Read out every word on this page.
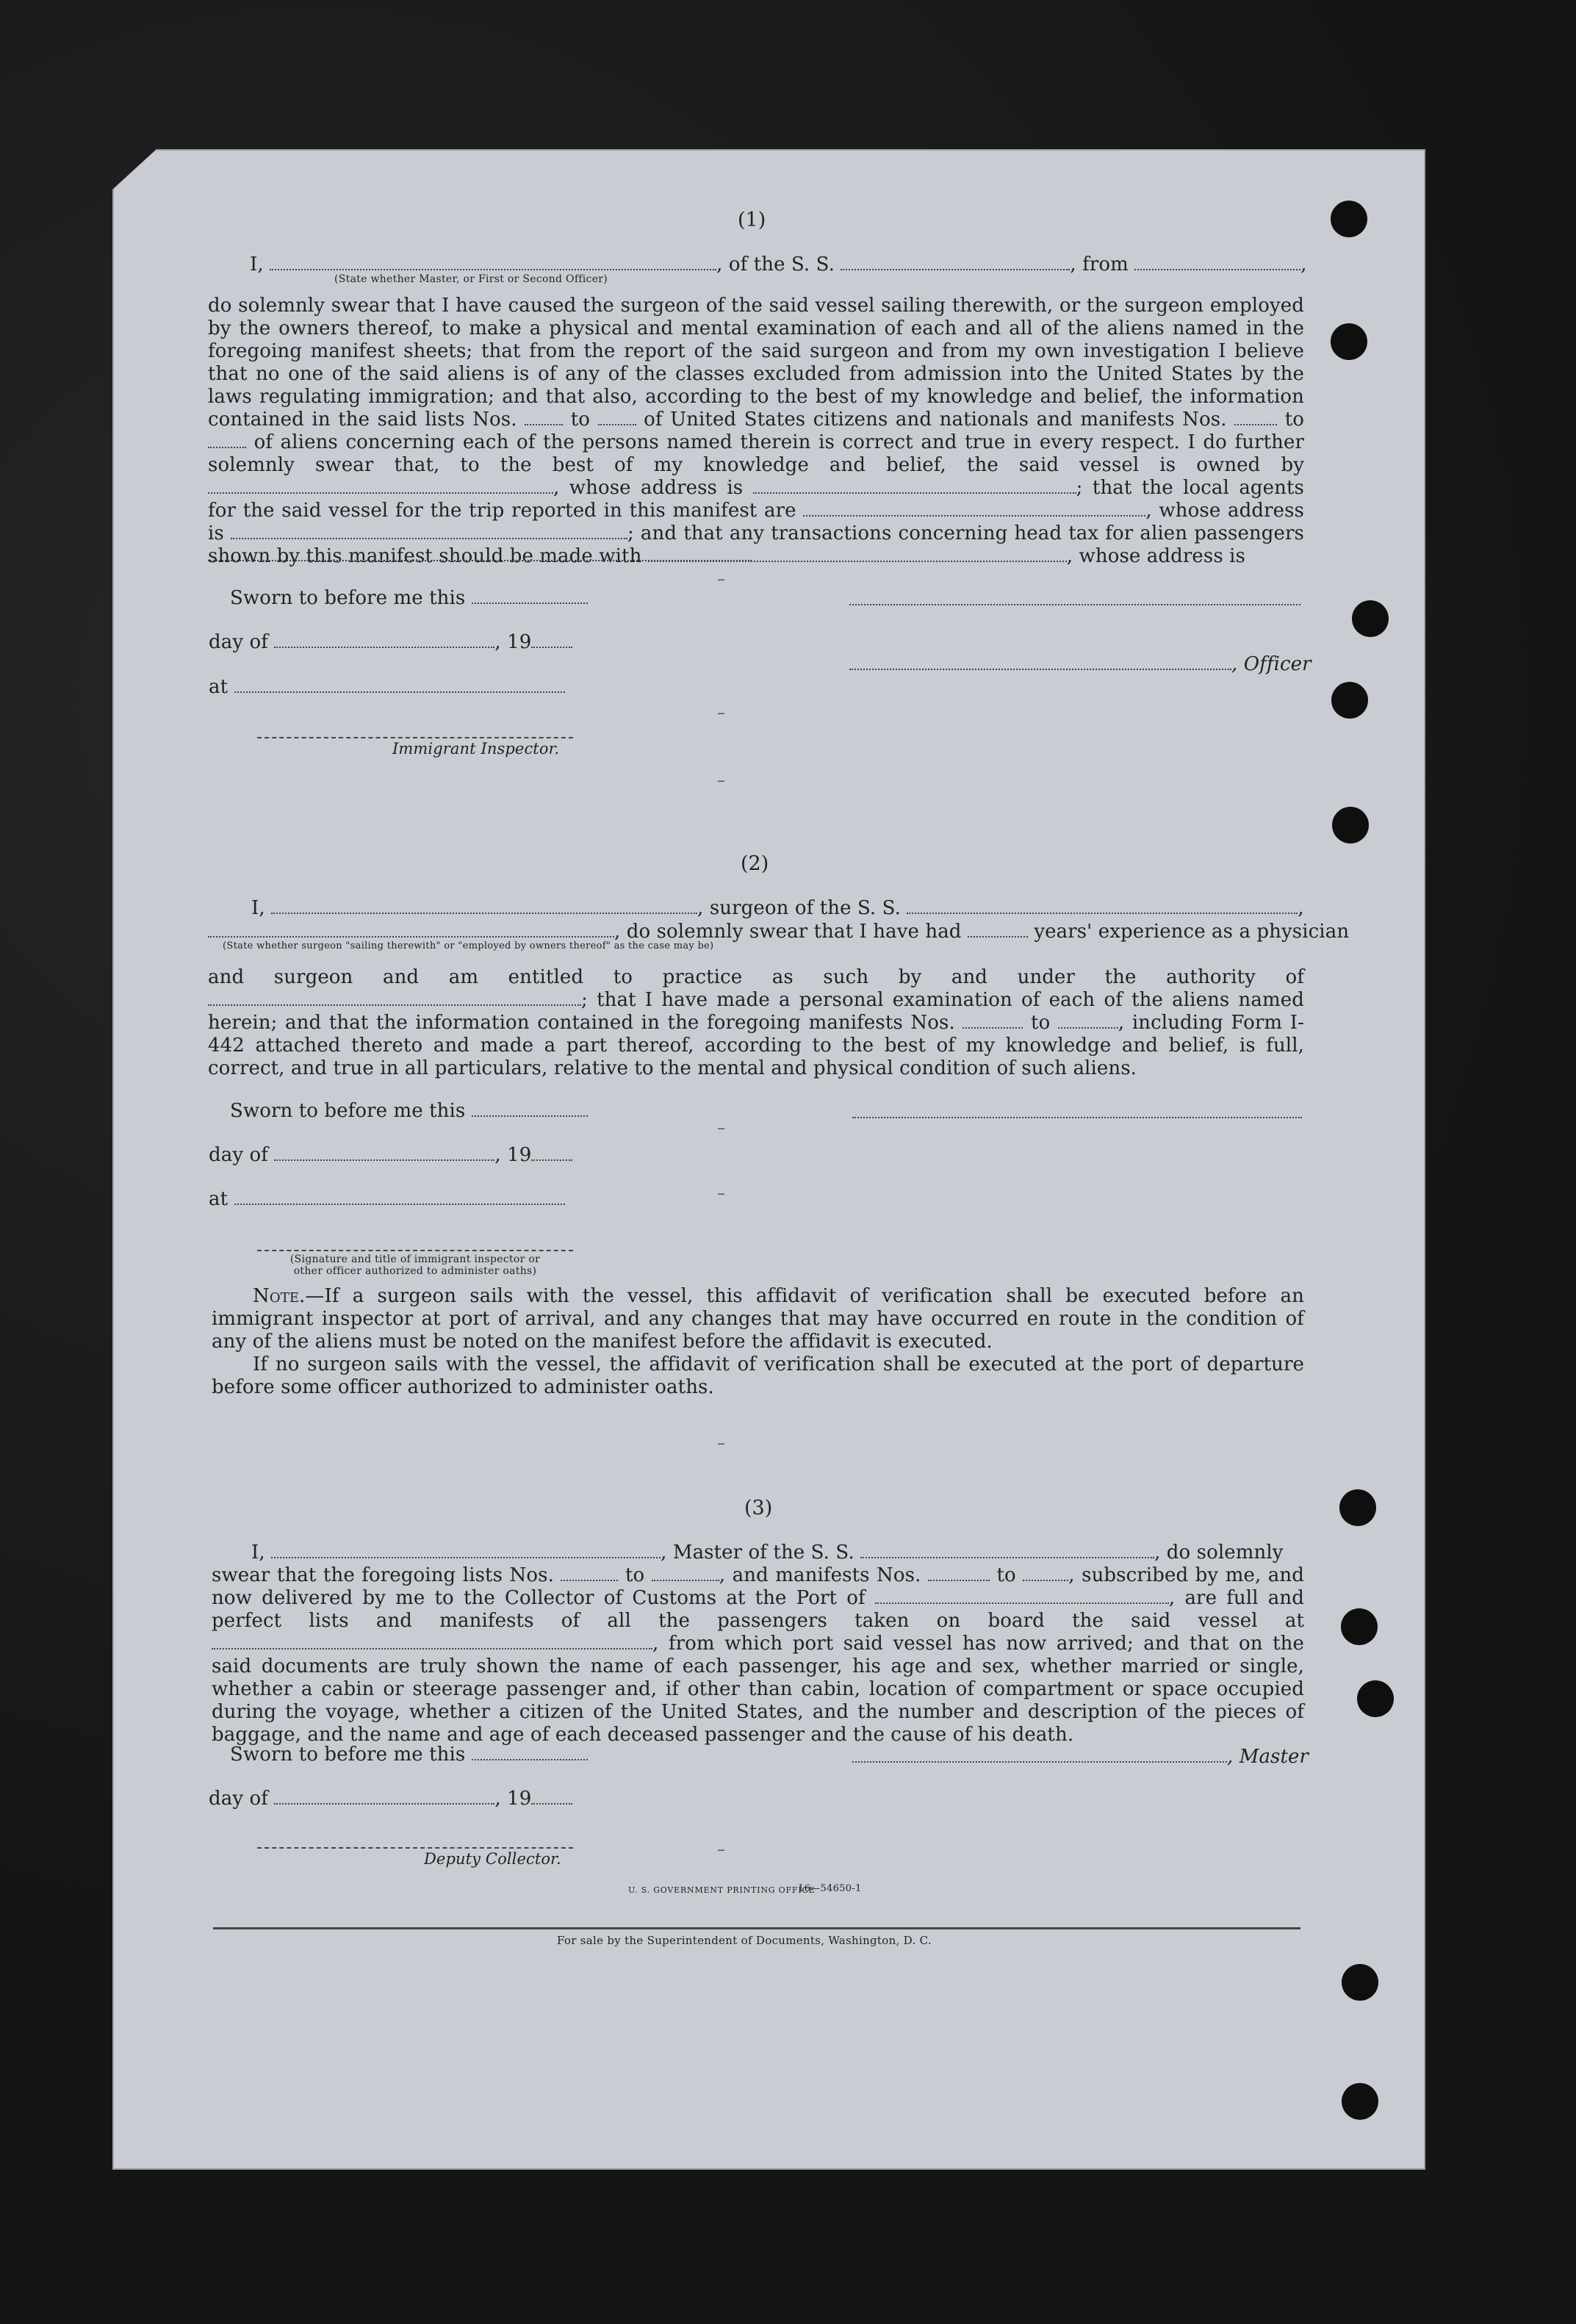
(1)
I,	, of the S. S.	, from	,
(State whether Master, or First or Second Officer)
do solemnly swear that I have caused the surgeon of the said vessel sailing therewith, or the surgeon employed by the owners thereof, to make a physical and mental examination of each and all of the aliens named in the foregoing manifest sheets; that from the report of the said surgeon and from my own investigation I believe that no one of the said aliens is of any of the classes excluded from admission into the United States by the laws regulating immigration; and that also, according to the best of my knowledge and belief, the information contained in the said lists Nos.	to	of United States citizens and nationals and manifests Nos.	to  of aliens concerning each of the persons named therein is correct and true in every respect. I do further solemnly swear that, to the best of my knowledge and belief, the said vessel is owned by , whose address is	; that the local agents for the said vessel for the trip reported in this manifest are	, whose address is	; and that any transactions concerning head tax for alien passengers shown by this manifest should be made with	, whose address is
Sworn to before me this
day of	, 19
at
Immigrant Inspector.
, Officer
(2)
I,	, surgeon of the S. S.	,
, do solemnly swear that I have had	years' experience as a physician
(State whether surgeon "sailing therewith" or "employed by owners thereof" as the case may be)
and surgeon and am entitled to practice as such by and under the authority of ; that I have made a personal examination of each of the aliens named herein; and that the information contained in the foregoing manifests Nos.	to	, including Form I-442 attached thereto and made a part thereof, according to the best of my knowledge and belief, is full, correct, and true in all particulars, relative to the mental and physical condition of such aliens.
Sworn to before me this
day of	, 19
at
(Signature and title of immigrant inspector or
other officer authorized to administer oaths)
Note.—If a surgeon sails with the vessel, this affidavit of verification shall be executed before an immigrant inspector at port of arrival, and any changes that may have occurred en route in the condition of any of the aliens must be noted on the manifest before the affidavit is executed.
If no surgeon sails with the vessel, the affidavit of verification shall be executed at the port of departure before some officer authorized to administer oaths.
(3)
I,	, Master of the S. S.	, do solemnly
swear that the foregoing lists Nos.	to	, and manifests Nos.	to	, subscribed by me, and now delivered by me to the Collector of Customs at the Port of	, are full and perfect lists and manifests of all the passengers taken on board the said vessel at , from which port said vessel has now arrived; and that on the said documents are truly shown the name of each passenger, his age and sex, whether married or single, whether a cabin or steerage passenger and, if other than cabin, location of compartment or space occupied during the voyage, whether a citizen of the United States, and the number and description of the pieces of baggage, and the name and age of each deceased passenger and the cause of his death.
Sworn to before me this	, Master
day of	, 19
Deputy Collector.
U. S. GOVERNMENT PRINTING OFFICE
16—54650-1
For sale by the Superintendent of Documents, Washington, D. C.
–
–
–
–
–
–
–
